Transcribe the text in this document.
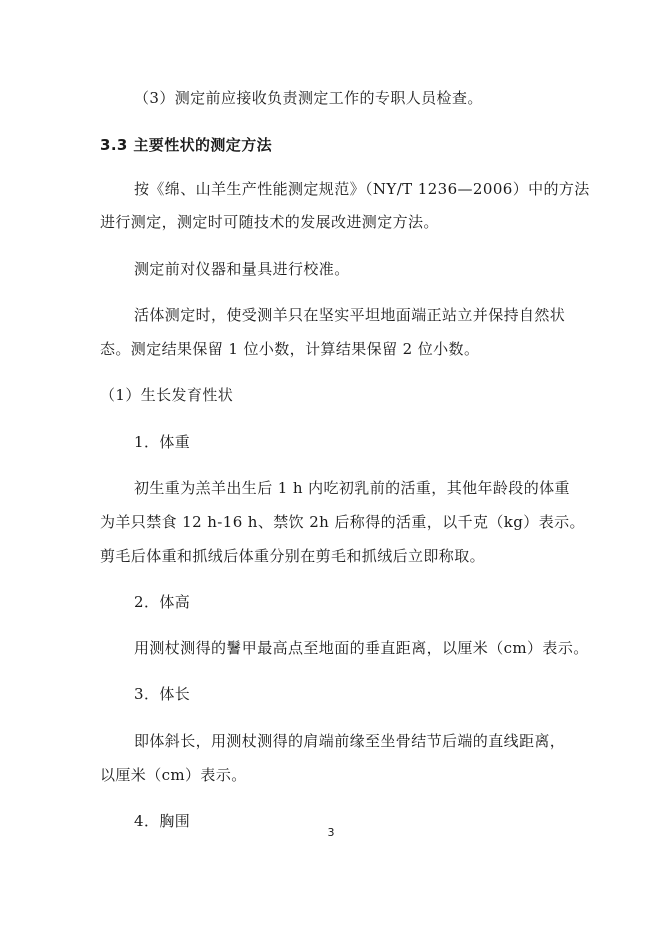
（3）测定前应接收负责测定工作的专职人员检查。
3.3 主要性状的测定方法
按《绵、山羊生产性能测定规范》（NY/T 1236—2006）中的方法
进行测定，测定时可随技术的发展改进测定方法。
测定前对仪器和量具进行校准。
活体测定时，使受测羊只在坚实平坦地面端正站立并保持自然状
态。测定结果保留 1 位小数，计算结果保留 2 位小数。
（1）生长发育性状
1．体重
初生重为羔羊出生后 1 h 内吃初乳前的活重，其他年龄段的体重
为羊只禁食 12 h-16 h、禁饮 2h 后称得的活重，以千克（kg）表示。
剪毛后体重和抓绒后体重分别在剪毛和抓绒后立即称取。
2．体高
用测杖测得的鬐甲最高点至地面的垂直距离，以厘米（cm）表示。
3．体长
即体斜长，用测杖测得的肩端前缘至坐骨结节后端的直线距离，
以厘米（cm）表示。
4．胸围
3
